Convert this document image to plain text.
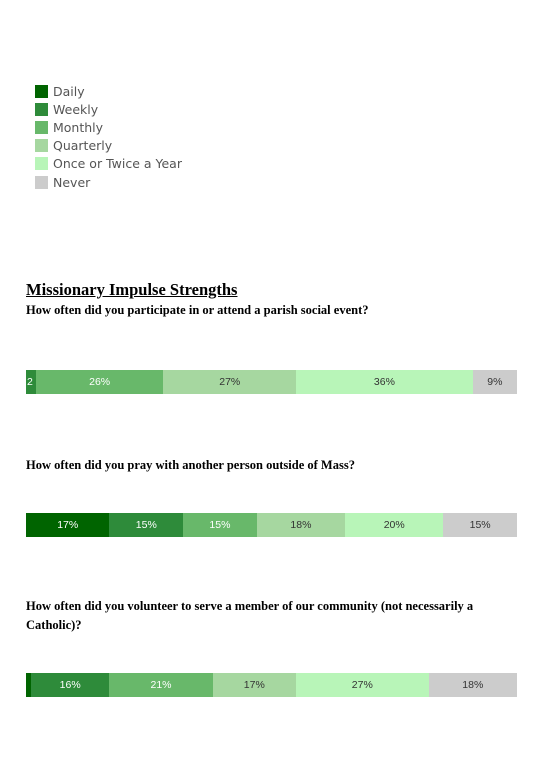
Daily
Weekly
Monthly
Quarterly
Once or Twice a Year
Never
Missionary Impulse Strengths

How often did you participate in or attend a parish social event?

2	26%	27%	36%	9%

How often did you pray with another person outside of Mass?

17%	15%	15%	18%	20%	15%

How often did you volunteer to serve a member of our community (not necessarily a Catholic)?

16%	21%	17%	27%	18%
